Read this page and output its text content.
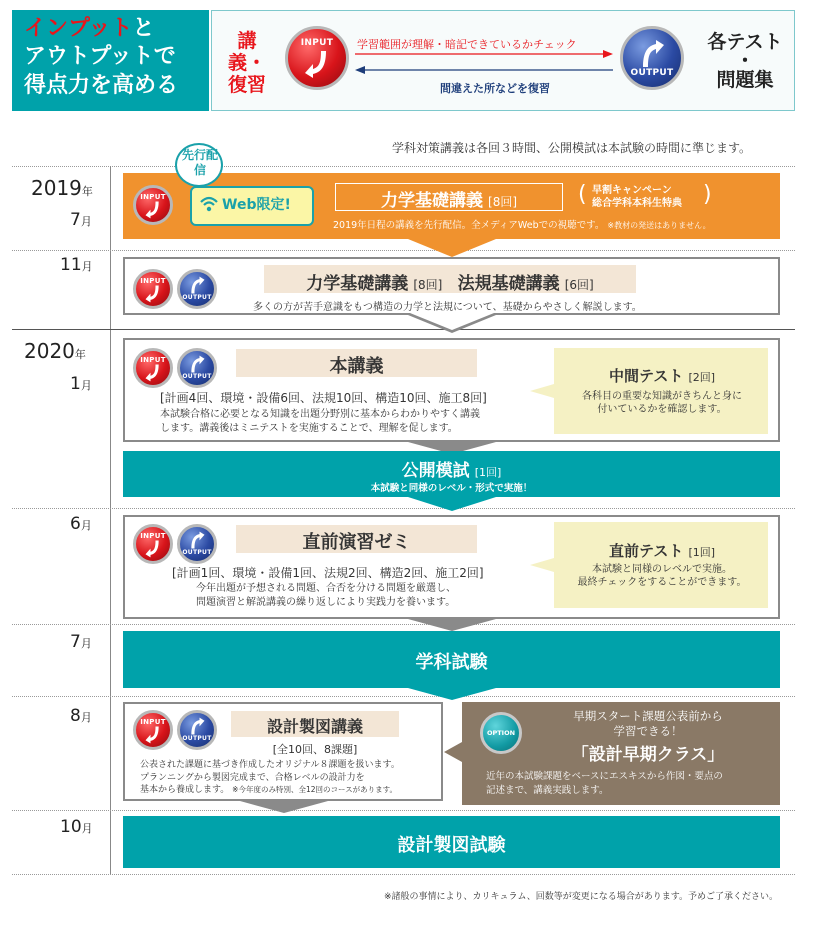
インプットと
アウトプットで
得点力を高める
講義・復習
INPUT 学習範囲が理解・暗記できているかチェック
間違えた所などを復習
OUTPUT
各テスト
・
問題集
学科対策講義は各回３時間、公開模試は本試験の時間に準じます。
2019年
7月
11月
2020年
1月
6月
7月
8月
10月
INPUT
先行配信
Web限定!	力学基礎講義 [8回]	( 早割キャンペーン
総合学科本科生特典 )
2019年日程の講義を先行配信。全メディアWebでの視聴です。 ※教材の発送はありません。
INPUT
OUTPUT
力学基礎講義 [8回] 法規基礎講義 [6回]
多くの方が苦手意識をもつ構造の力学と法規について、基礎からやさしく解説します。
INPUT
OUTPUT	本講義
[計画4回、環境・設備6回、法規10回、構造10回、施工8回]
本試験合格に必要となる知識を出題分野別に基本からわかりやすく講義
します。講義後はミニテストを実施することで、理解を促します。
中間テスト [2回]
各科目の重要な知識がきちんと身に
付いているかを確認します。
公開模試 [1回]
本試験と同様のレベル・形式で実施！
INPUT
OUTPUT	直前演習ゼミ
[計画1回、環境・設備1回、法規2回、構造2回、施工2回]
今年出題が予想される問題、合否を分ける問題を厳選し、
問題演習と解説講義の繰り返しにより実践力を養います。
直前テスト [1回]
本試験と同様のレベルで実施。
最終チェックをすることができます。
学科試験
INPUT
OUTPUT
設計製図講義
[全10回、8課題]
公表された課題に基づき作成したオリジナル８課題を扱います。
プランニングから製図完成まで、合格レベルの設計力を
基本から養成します。 ※今年度のみ特別、全12回のコースがあります。
OPTION
早期スタート課題公表前から
学習できる！
「設計早期クラス」
近年の本試験課題をベースにエスキスから作図・要点の
記述まで、講義実践します。
設計製図試験
※諸般の事情により、カリキュラム、回数等が変更になる場合があります。予めご了承ください。
